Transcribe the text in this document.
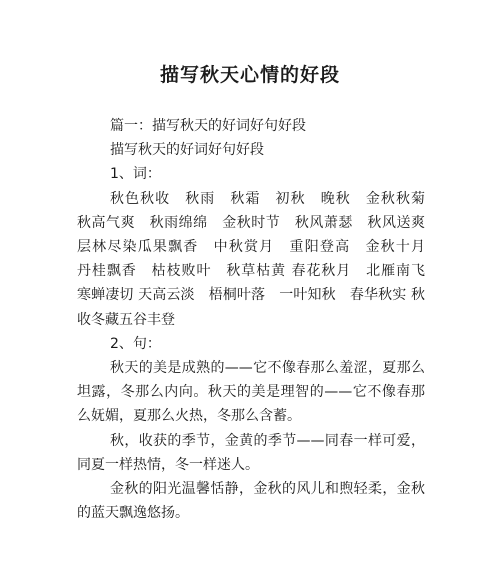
描写秋天心情的好段

篇一：描写秋天的好词好句好段

描写秋天的好词好句好段

1、词：

秋色秋收　秋雨　秋霜　初秋　晚秋　金秋秋菊　秋高气爽　秋雨绵绵　金秋时节　秋风萧瑟　秋风送爽　层林尽染瓜果飘香　中秋赏月　重阳登高　金秋十月　丹桂飘香　枯枝败叶　秋草枯黄 春花秋月　北雁南飞　寒蝉凄切 天高云淡　梧桐叶落　一叶知秋　春华秋实 秋收冬藏五谷丰登

2、句：

秋天的美是成熟的——它不像春那么羞涩，夏那么坦露，冬那么内向。秋天的美是理智的——它不像春那么妩媚，夏那么火热，冬那么含蓄。

秋，收获的季节，金黄的季节——同春一样可爱，同夏一样热情，冬一样迷人。

金秋的阳光温馨恬静，金秋的风儿和煦轻柔，金秋的蓝天飘逸悠扬。
